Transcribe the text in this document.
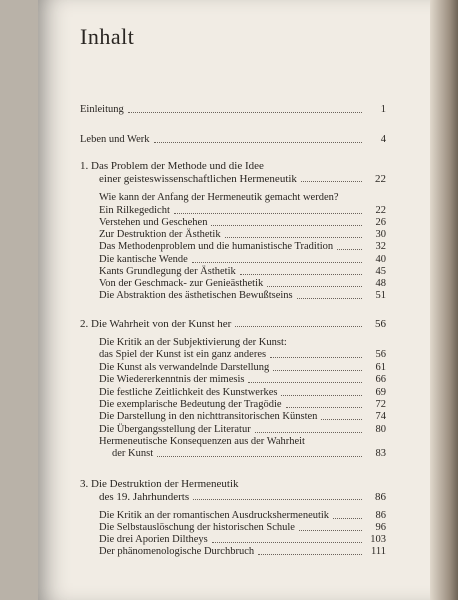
Inhalt
Einleitung	1
Leben und Werk	4
1. Das Problem der Methode und die Idee
einer geisteswissenschaftlichen Hermeneutik	22
Wie kann der Anfang der Hermeneutik gemacht werden?
Ein Rilkegedicht	22
Verstehen und Geschehen	26
Zur Destruktion der Ästhetik	30
Das Methodenproblem und die humanistische Tradition	32
Die kantische Wende	40
Kants Grundlegung der Ästhetik	45
Von der Geschmack- zur Genieästhetik	48
Die Abstraktion des ästhetischen Bewußtseins	51
2. Die Wahrheit von der Kunst her	56
Die Kritik an der Subjektivierung der Kunst:
das Spiel der Kunst ist ein ganz anderes	56
Die Kunst als verwandelnde Darstellung	61
Die Wiedererkenntnis der mimesis	66
Die festliche Zeitlichkeit des Kunstwerkes	69
Die exemplarische Bedeutung der Tragödie	72
Die Darstellung in den nichttransitorischen Künsten	74
Die Übergangsstellung der Literatur	80
Hermeneutische Konsequenzen aus der Wahrheit
der Kunst	83
3. Die Destruktion der Hermeneutik
des 19. Jahrhunderts	86
Die Kritik an der romantischen Ausdruckshermeneutik	86
Die Selbstauslöschung der historischen Schule	96
Die drei Aporien Diltheys	103
Der phänomenologische Durchbruch	111
